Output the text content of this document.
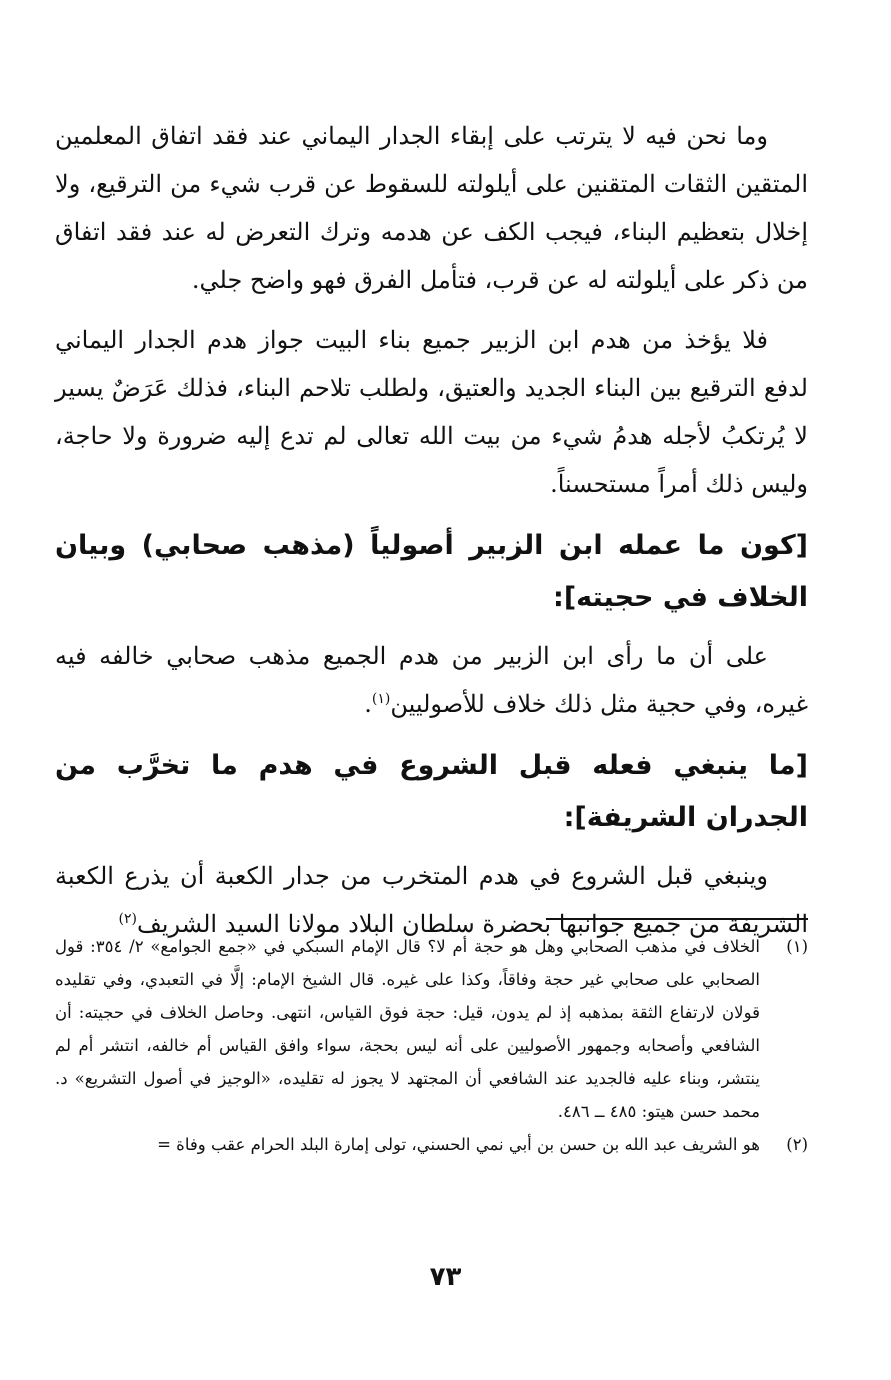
وما نحن فيه لا يترتب على إبقاء الجدار اليماني عند فقد اتفاق المعلمين المتقين الثقات المتقنين على أيلولته للسقوط عن قرب شيء من الترقيع، ولا إخلال بتعظيم البناء، فيجب الكف عن هدمه وترك التعرض له عند فقد اتفاق من ذكر على أيلولته له عن قرب، فتأمل الفرق فهو واضح جلي.

فلا يؤخذ من هدم ابن الزبير جميع بناء البيت جواز هدم الجدار اليماني لدفع الترقيع بين البناء الجديد والعتيق، ولطلب تلاحم البناء، فذلك عَرَضٌ يسير لا يُرتكبُ لأجله هدمُ شيء من بيت الله تعالى لم تدع إليه ضرورة ولا حاجة، وليس ذلك أمراً مستحسناً.

[كون ما عمله ابن الزبير أصولياً (مذهب صحابي) وبيان الخلاف في حجيته]:

على أن ما رأى ابن الزبير من هدم الجميع مذهب صحابي خالفه فيه غيره، وفي حجية مثل ذلك خلاف للأصوليين$^{(١)}$.

[ما ينبغي فعله قبل الشروع في هدم ما تخرَّب من الجدران الشريفة]:

وينبغي قبل الشروع في هدم المتخرب من جدار الكعبة أن يذرع الكعبة الشريفة من جميع جوانبها بحضرة سلطان البلاد مولانا السيد الشريف$^{(٢)}$

(١)
الخلاف في مذهب الصحابي وهل هو حجة أم لا؟ قال الإمام السبكي في «جمع الجوامع» ٢/ ٣٥٤: قول الصحابي على صحابي غير حجة وفاقاً، وكذا على غيره. قال الشيخ الإمام: إلَّا في التعبدي، وفي تقليده قولان لارتفاع الثقة بمذهبه إذ لم يدون، قيل: حجة فوق القياس، انتهى. وحاصل الخلاف في حجيته: أن الشافعي وأصحابه وجمهور الأصوليين على أنه ليس بحجة، سواء وافق القياس أم خالفه، انتشر أم لم ينتشر، وبناء عليه فالجديد عند الشافعي أن المجتهد لا يجوز له تقليده، «الوجيز في أصول التشريع» د. محمد حسن هيتو: ٤٨٥ ــ ٤٨٦.
(٢)
هو الشريف عبد الله بن حسن بن أبي نمي الحسني، تولى إمارة البلد الحرام عقب وفاة =
٧٣
